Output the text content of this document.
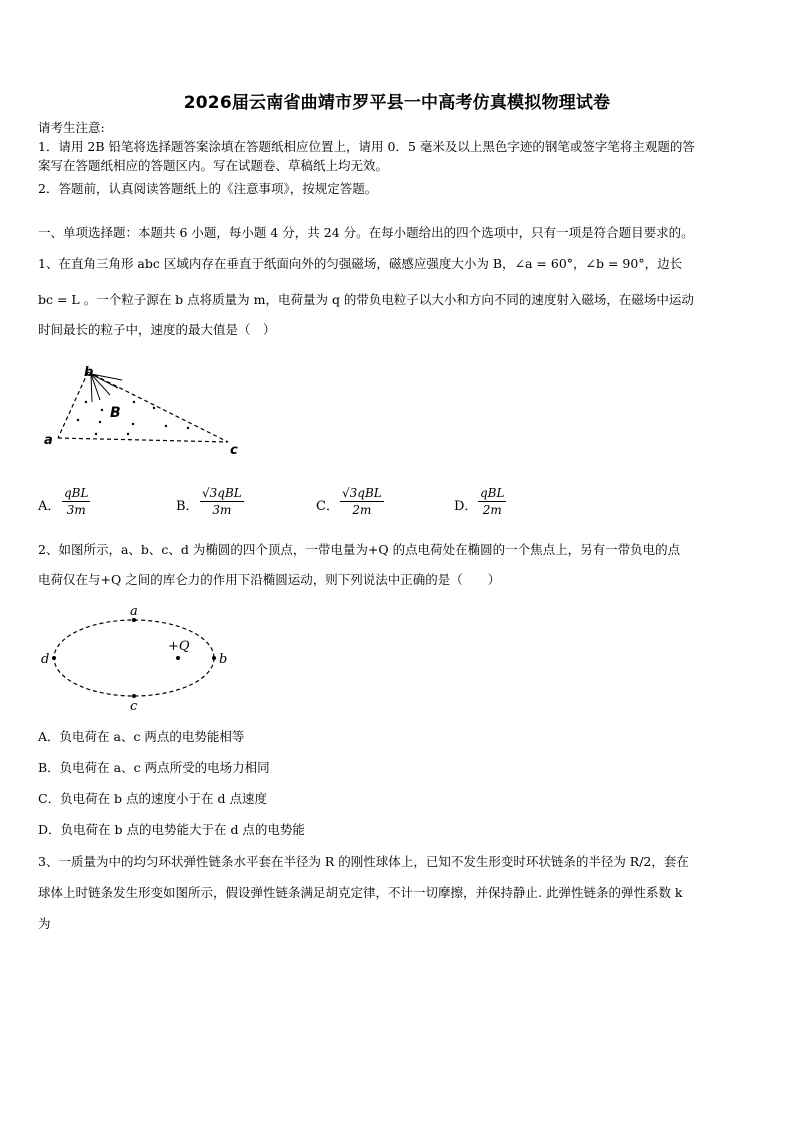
2026届云南省曲靖市罗平县一中高考仿真模拟物理试卷
请考生注意:
1．请用 2B 铅笔将选择题答案涂填在答题纸相应位置上，请用 0．5 毫米及以上黑色字迹的钢笔或签字笔将主观题的答
案写在答题纸相应的答题区内。写在试题卷、草稿纸上均无效。
2．答题前，认真阅读答题纸上的《注意事项》，按规定答题。
一、单项选择题：本题共 6 小题，每小题 4 分，共 24 分。在每小题给出的四个选项中，只有一项是符合题目要求的。
1、在直角三角形 abc 区域内存在垂直于纸面向外的匀强磁场，磁感应强度大小为 B，∠a = 60°，∠b = 90°，边长
bc = L 。一个粒子源在 b 点将质量为 m，电荷量为 q 的带负电粒子以大小和方向不同的速度射入磁场，在磁场中运动
时间最长的粒子中，速度的最大值是（　）
b
B
a
c
A．
qBL
3m	B．
√3qBL
3m	C．
√3qBL
2m	D．
qBL
2m
2、如图所示，a、b、c、d 为椭圆的四个顶点，一带电量为+Q 的点电荷处在椭圆的一个焦点上，另有一带负电的点
电荷仅在与+Q 之间的库仑力的作用下沿椭圆运动，则下列说法中正确的是（　　）
a
b
c
d
+Q
A．负电荷在 a、c 两点的电势能相等
B．负电荷在 a、c 两点所受的电场力相同
C．负电荷在 b 点的速度小于在 d 点速度
D．负电荷在 b 点的电势能大于在 d 点的电势能
3、一质量为中的均匀环状弹性链条水平套在半径为 R 的刚性球体上，已知不发生形变时环状链条的半径为 R/2，套在
球体上时链条发生形变如图所示，假设弹性链条满足胡克定律，不计一切摩擦，并保持静止. 此弹性链条的弹性系数 k
为
